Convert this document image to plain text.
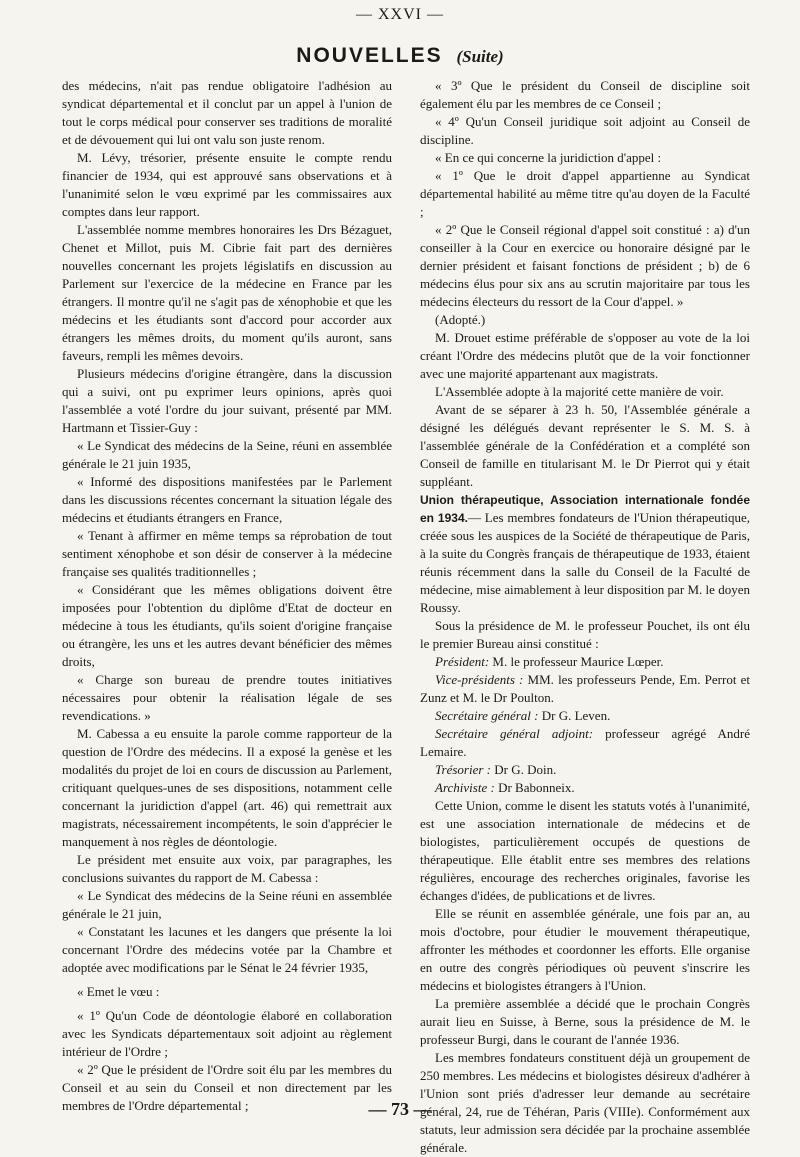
— XXVI —
NOUVELLES (Suite)

des médecins, n'ait pas rendue obligatoire l'adhésion au syndicat départemental et il conclut par un appel à l'union de tout le corps médical pour conserver ses traditions de moralité et de dévouement qui lui ont valu son juste renom.

M. Lévy, trésorier, présente ensuite le compte rendu financier de 1934, qui est approuvé sans observations et à l'unanimité selon le vœu exprimé par les commissaires aux comptes dans leur rapport.

L'assemblée nomme membres honoraires les Drs Bézaguet, Chenet et Millot, puis M. Cibrie fait part des dernières nouvelles concernant les projets législatifs en discussion au Parlement sur l'exercice de la médecine en France par les étrangers. Il montre qu'il ne s'agit pas de xénophobie et que les médecins et les étudiants sont d'accord pour accorder aux étrangers les mêmes droits, du moment qu'ils auront, sans faveurs, rempli les mêmes devoirs.

Plusieurs médecins d'origine étrangère, dans la discussion qui a suivi, ont pu exprimer leurs opinions, après quoi l'assemblée a voté l'ordre du jour suivant, présenté par MM. Hartmann et Tissier-Guy :

« Le Syndicat des médecins de la Seine, réuni en assemblée générale le 21 juin 1935,

« Informé des dispositions manifestées par le Parlement dans les discussions récentes concernant la situation légale des médecins et étudiants étrangers en France,

« Tenant à affirmer en même temps sa réprobation de tout sentiment xénophobe et son désir de conserver à la médecine française ses qualités traditionnelles ;

« Considérant que les mêmes obligations doivent être imposées pour l'obtention du diplôme d'Etat de docteur en médecine à tous les étudiants, qu'ils soient d'origine française ou étrangère, les uns et les autres devant bénéficier des mêmes droits,

« Charge son bureau de prendre toutes initiatives nécessaires pour obtenir la réalisation légale de ses revendications. »

M. Cabessa a eu ensuite la parole comme rapporteur de la question de l'Ordre des médecins. Il a exposé la genèse et les modalités du projet de loi en cours de discussion au Parlement, critiquant quelques-unes de ses dispositions, notamment celle concernant la juridiction d'appel (art. 46) qui remettrait aux magistrats, nécessairement incompétents, le soin d'apprécier le manquement à nos règles de déontologie.

Le président met ensuite aux voix, par paragraphes, les conclusions suivantes du rapport de M. Cabessa :

« Le Syndicat des médecins de la Seine réuni en assemblée générale le 21 juin,

« Constatant les lacunes et les dangers que présente la loi concernant l'Ordre des médecins votée par la Chambre et adoptée avec modifications par le Sénat le 24 février 1935,

« Emet le vœu :

« 1º Qu'un Code de déontologie élaboré en collaboration avec les Syndicats départementaux soit adjoint au règlement intérieur de l'Ordre ;

« 2º Que le président de l'Ordre soit élu par les membres du Conseil et au sein du Conseil et non directement par les membres de l'Ordre départemental ;

« 3º Que le président du Conseil de discipline soit également élu par les membres de ce Conseil ;

« 4º Qu'un Conseil juridique soit adjoint au Conseil de discipline.

« En ce qui concerne la juridiction d'appel :

« 1º Que le droit d'appel appartienne au Syndicat départemental habilité au même titre qu'au doyen de la Faculté ;

« 2º Que le Conseil régional d'appel soit constitué : a) d'un conseiller à la Cour en exercice ou honoraire désigné par le dernier président et faisant fonctions de président ; b) de 6 médecins élus pour six ans au scrutin majoritaire par tous les médecins électeurs du ressort de la Cour d'appel. »

(Adopté.)

M. Drouet estime préférable de s'opposer au vote de la loi créant l'Ordre des médecins plutôt que de la voir fonctionner avec une majorité appartenant aux magistrats.

L'Assemblée adopte à la majorité cette manière de voir.

Avant de se séparer à 23 h. 50, l'Assemblée générale a désigné les délégués devant représenter le S. M. S. à l'assemblée générale de la Confédération et a complété son Conseil de famille en titularisant M. le Dr Pierrot qui y était suppléant.

Union thérapeutique, Association internationale fondée en 1934.— Les membres fondateurs de l'Union thérapeutique, créée sous les auspices de la Société de thérapeutique de Paris, à la suite du Congrès français de thérapeutique de 1933, étaient réunis récemment dans la salle du Conseil de la Faculté de médecine, mise aimablement à leur disposition par M. le doyen Roussy.

Sous la présidence de M. le professeur Pouchet, ils ont élu le premier Bureau ainsi constitué :

Président: M. le professeur Maurice Lœper.

Vice-présidents : MM. les professeurs Pende, Em. Perrot et Zunz et M. le Dr Poulton.

Secrétaire général : Dr G. Leven.

Secrétaire général adjoint: professeur agrégé André Lemaire.

Trésorier : Dr G. Doin.

Archiviste : Dr Babonneix.

Cette Union, comme le disent les statuts votés à l'unanimité, est une association internationale de médecins et de biologistes, particulièrement occupés de questions de thérapeutique. Elle établit entre ses membres des relations régulières, encourage des recherches originales, favorise les échanges d'idées, de publications et de livres.

Elle se réunit en assemblée générale, une fois par an, au mois d'octobre, pour étudier le mouvement thérapeutique, affronter les méthodes et coordonner les efforts. Elle organise en outre des congrès périodiques où peuvent s'inscrire les médecins et biologistes étrangers à l'Union.

La première assemblée a décidé que le prochain Congrès aurait lieu en Suisse, à Berne, sous la présidence de M. le professeur Burgi, dans le courant de l'année 1936.

Les membres fondateurs constituent déjà un groupement de 250 membres. Les médecins et biologistes désireux d'adhérer à l'Union sont priés d'adresser leur demande au secrétaire général, 24, rue de Téhéran, Paris (VIIIe). Conformément aux statuts, leur admission sera décidée par la prochaine assemblée générale.

— 73 —
